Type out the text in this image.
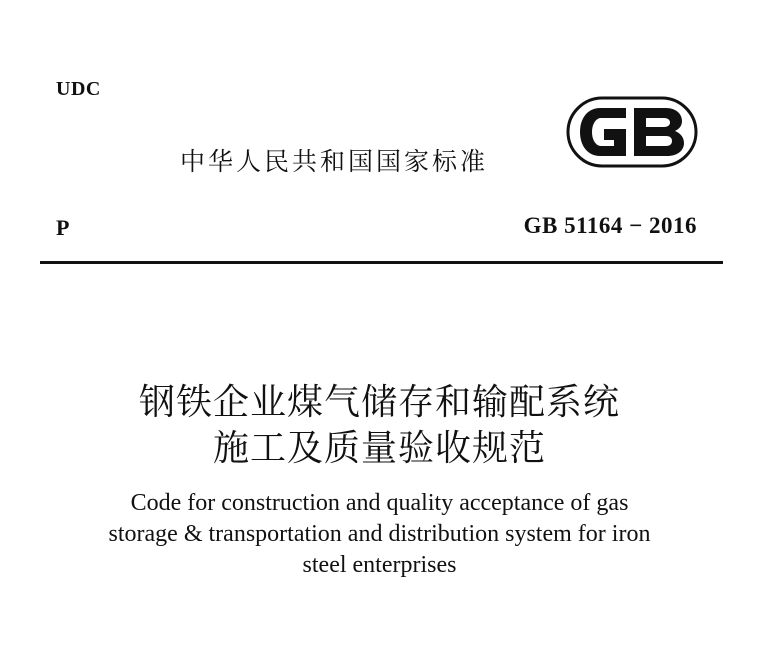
UDC
中华人民共和国国家标准
P	GB 51164 − 2016
钢铁企业煤气储存和输配系统
施工及质量验收规范
Code for construction and quality acceptance of gas
storage & transportation and distribution system for iron
steel enterprises
